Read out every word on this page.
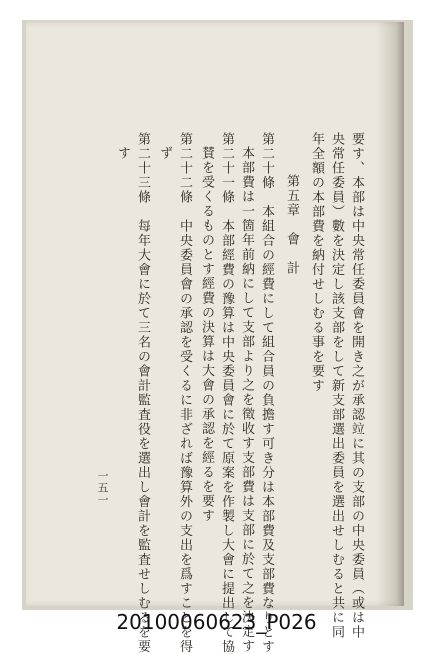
要す、本部は中央常任委員會を開き之が承認竝に其の支部の中央委員（或は中
央常任委員）數を決定し該支部をして新支部選出委員を選出せしむると共に同
年全額の本部費を納付せしむる事を要す
第五章　會　計
第二十條　本組合の經費にして組合員の負擔す可き分は本部費及支部費なりとす
本部費は一箇年前納にして支部より之を徵收す支部費は支部に於て之を決定す
第二十一條　本部經費の豫算は中央委員會に於て原案を作製し大會に提出して協
賛を受くるものとす經費の決算は大會の承認を經るを要す
第二十二條　中央委員會の承認を受くるに非ざれば豫算外の支出を爲すことを得
ず
第二十三條　每年大會に於て三名の會計監査役を選出し會計を監査せしむるを要
す
一五一
20100060623_P026
